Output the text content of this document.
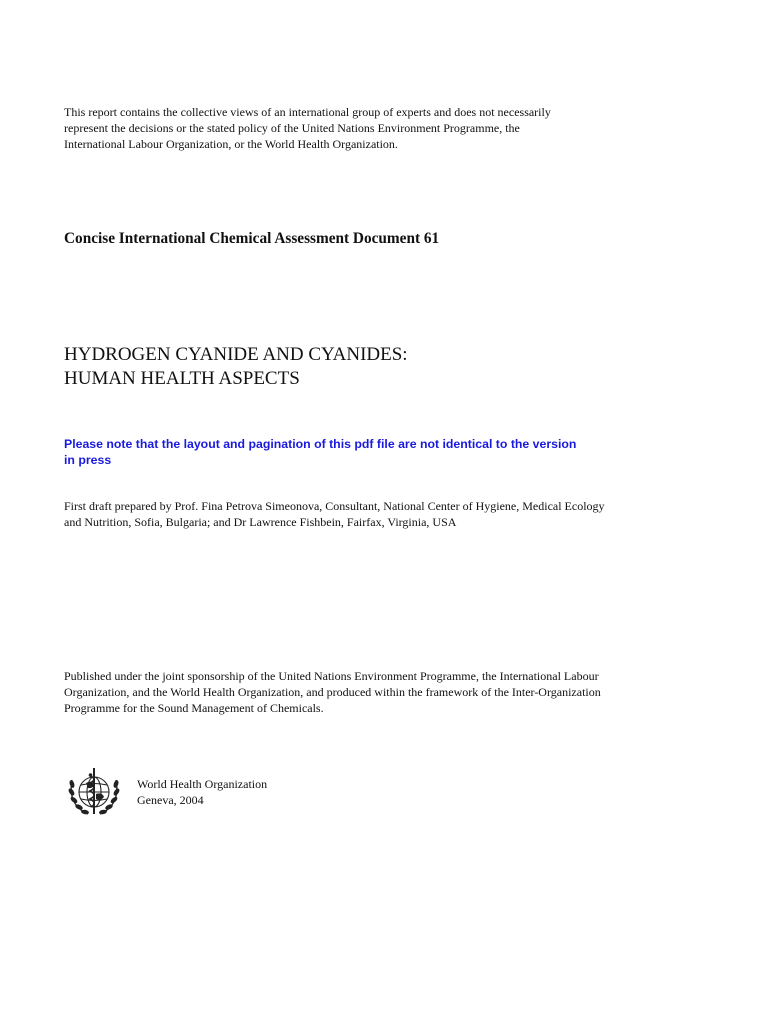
This report contains the collective views of an international group of experts and does not necessarily represent the decisions or the stated policy of the United Nations Environment Programme, the International Labour Organization, or the World Health Organization.

Concise International Chemical Assessment Document 61
HYDROGEN CYANIDE AND CYANIDES:
HUMAN HEALTH ASPECTS

Please note that the layout and pagination of this pdf file are not identical to the version in press

First draft prepared by Prof. Fina Petrova Simeonova, Consultant, National Center of Hygiene, Medical Ecology and Nutrition, Sofia, Bulgaria; and Dr Lawrence Fishbein, Fairfax, Virginia, USA

Published under the joint sponsorship of the United Nations Environment Programme, the International Labour Organization, and the World Health Organization, and produced within the framework of the Inter-Organization Programme for the Sound Management of Chemicals.

World Health Organization
Geneva, 2004
